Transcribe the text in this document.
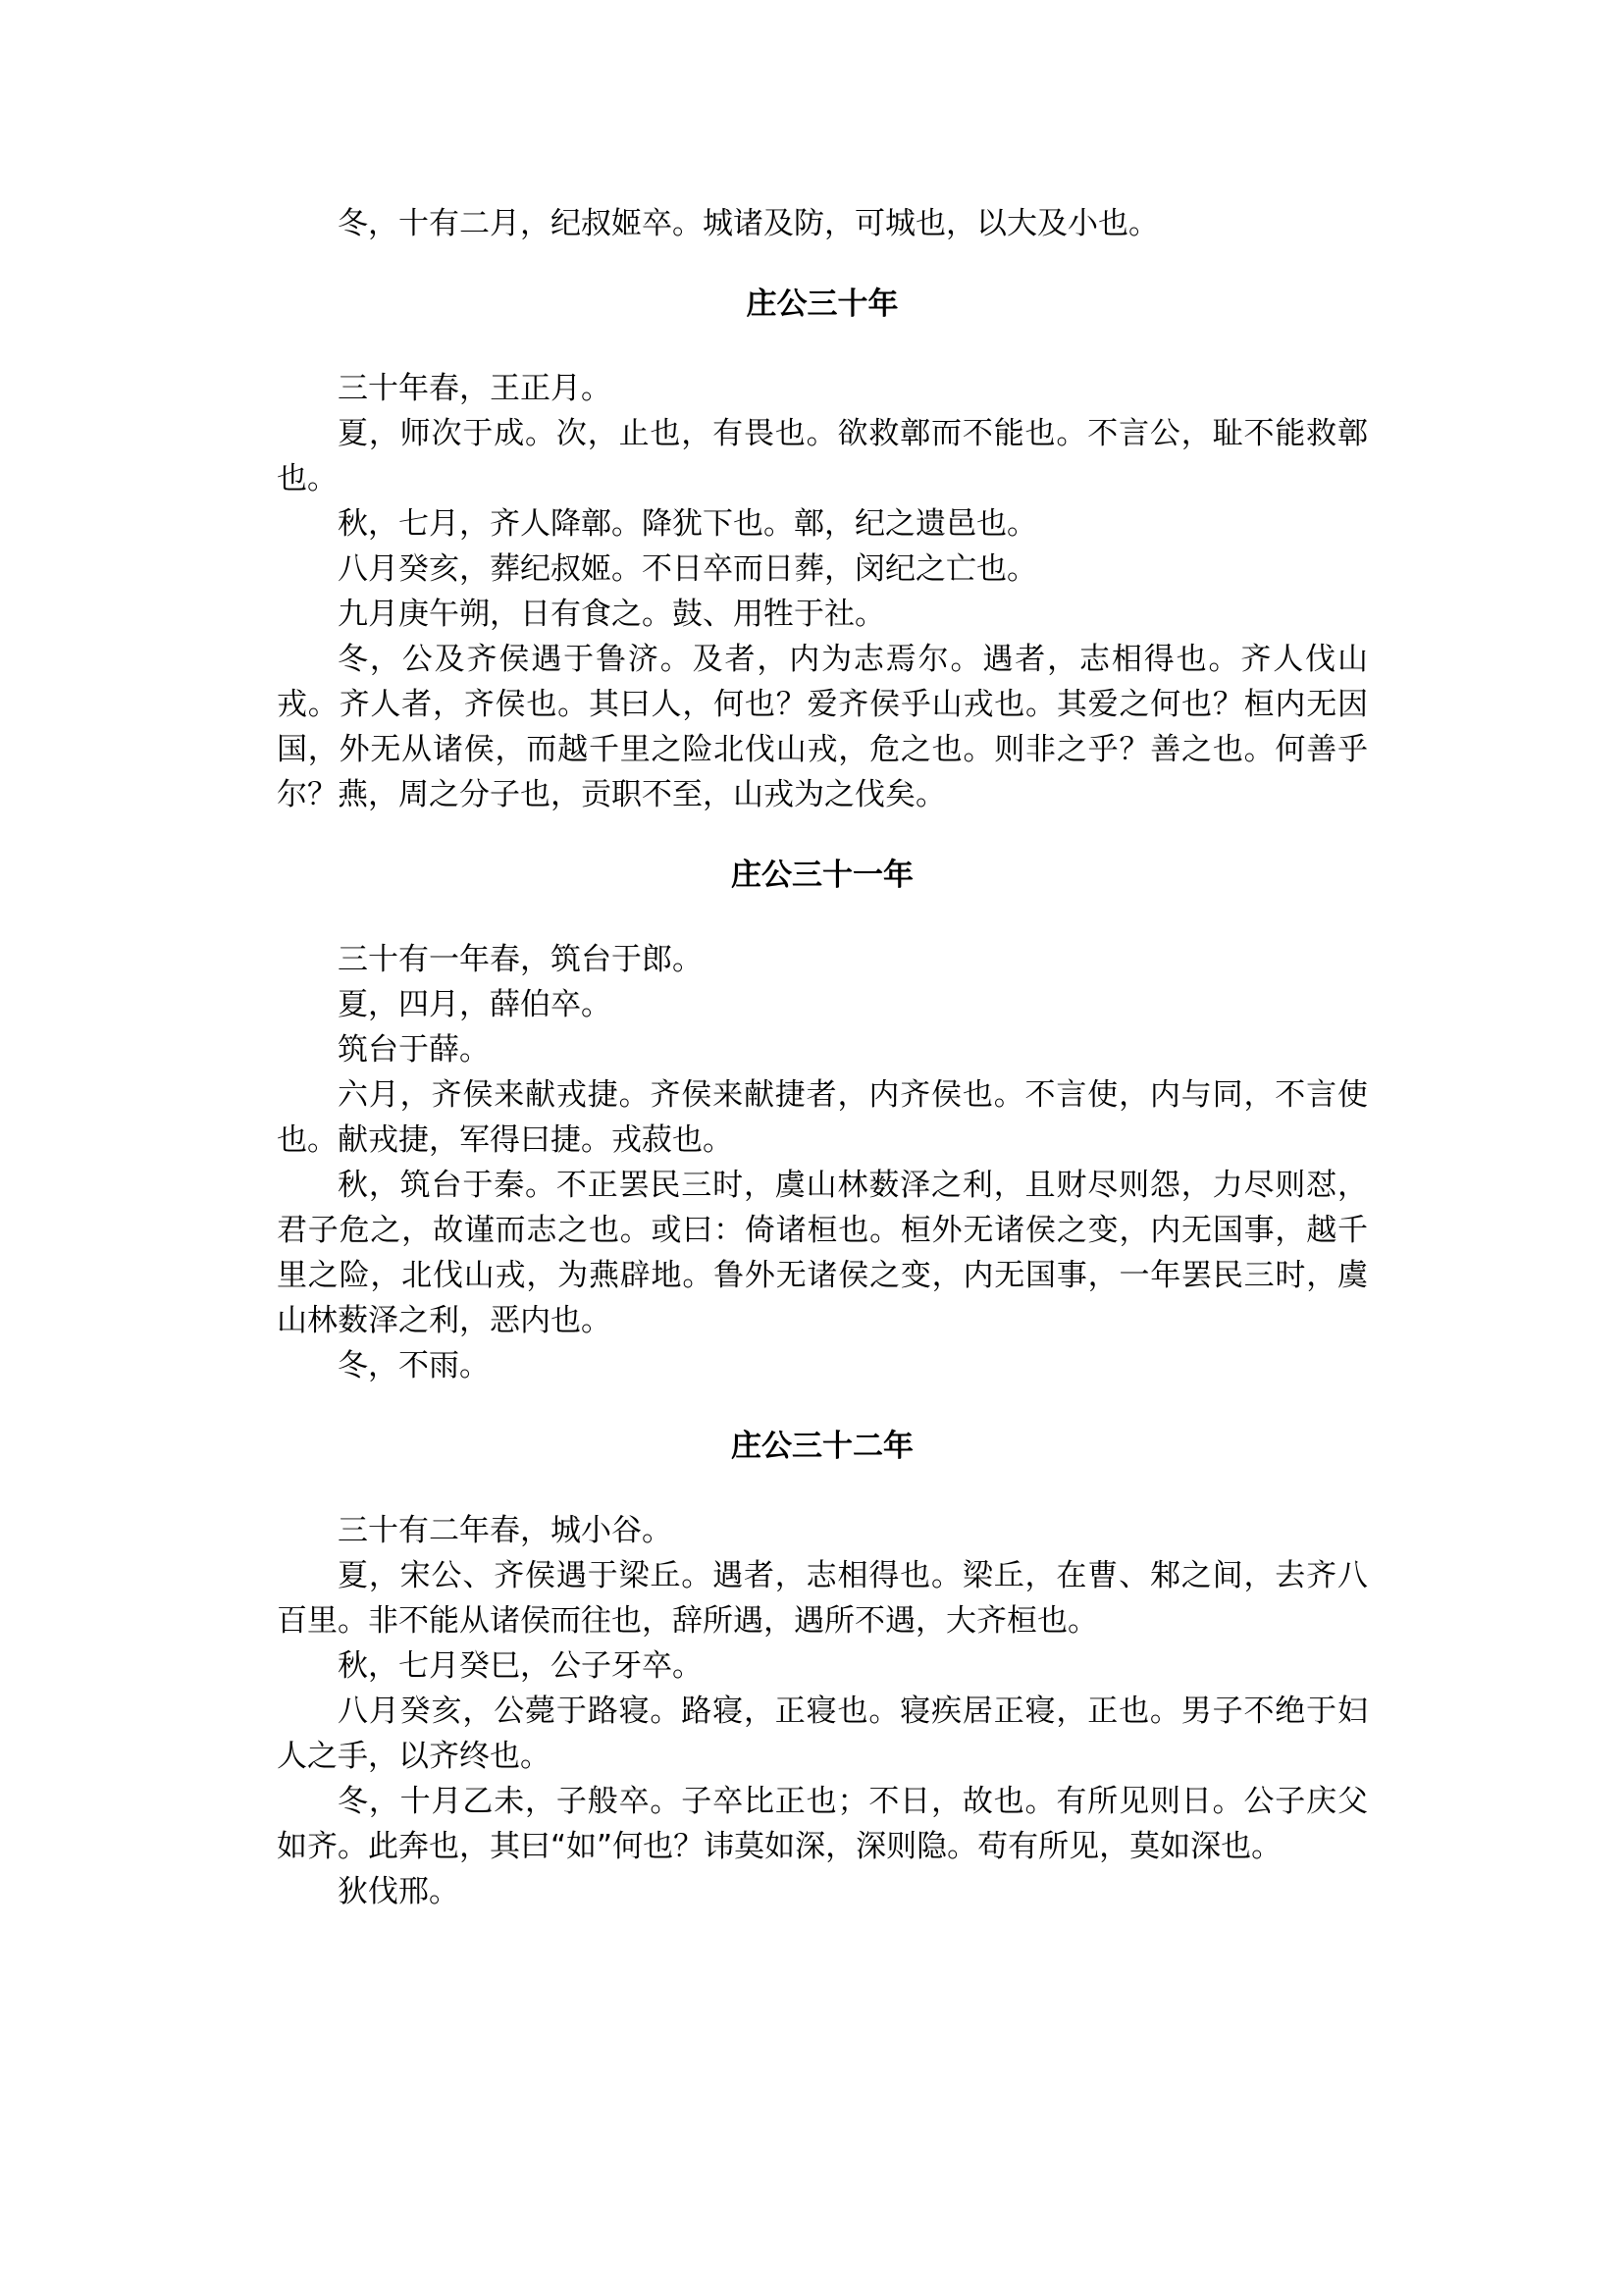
冬，十有二月，纪叔姬卒。城诸及防，可城也，以大及小也。

庄公三十年

三十年春，王正月。

夏，师次于成。次，止也，有畏也。欲救鄣而不能也。不言公，耻不能救鄣也。

秋，七月，齐人降鄣。降犹下也。鄣，纪之遗邑也。

八月癸亥，葬纪叔姬。不日卒而日葬，闵纪之亡也。

九月庚午朔，日有食之。鼓、用牲于社。

冬，公及齐侯遇于鲁济。及者，内为志焉尔。遇者，志相得也。齐人伐山戎。齐人者，齐侯也。其曰人，何也？爱齐侯乎山戎也。其爱之何也？桓内无因国，外无从诸侯，而越千里之险北伐山戎，危之也。则非之乎？善之也。何善乎尔？燕，周之分子也，贡职不至，山戎为之伐矣。

庄公三十一年

三十有一年春，筑台于郎。

夏，四月，薛伯卒。

筑台于薛。

六月，齐侯来献戎捷。齐侯来献捷者，内齐侯也。不言使，内与同，不言使也。献戎捷，军得曰捷。戎菽也。

秋，筑台于秦。不正罢民三时，虞山林薮泽之利，且财尽则怨，力尽则怼，君子危之，故谨而志之也。或曰：倚诸桓也。桓外无诸侯之变，内无国事，越千里之险，北伐山戎，为燕辟地。鲁外无诸侯之变，内无国事，一年罢民三时，虞山林薮泽之利，恶内也。

冬，不雨。

庄公三十二年

三十有二年春，城小谷。

夏，宋公、齐侯遇于梁丘。遇者，志相得也。梁丘，在曹、邾之间，去齐八百里。非不能从诸侯而往也，辞所遇，遇所不遇，大齐桓也。

秋，七月癸巳，公子牙卒。

八月癸亥，公薨于路寝。路寝，正寝也。寝疾居正寝，正也。男子不绝于妇人之手，以齐终也。

冬，十月乙未，子般卒。子卒比正也；不日，故也。有所见则日。公子庆父如齐。此奔也，其曰“如”何也？讳莫如深，深则隐。苟有所见，莫如深也。

狄伐邢。
